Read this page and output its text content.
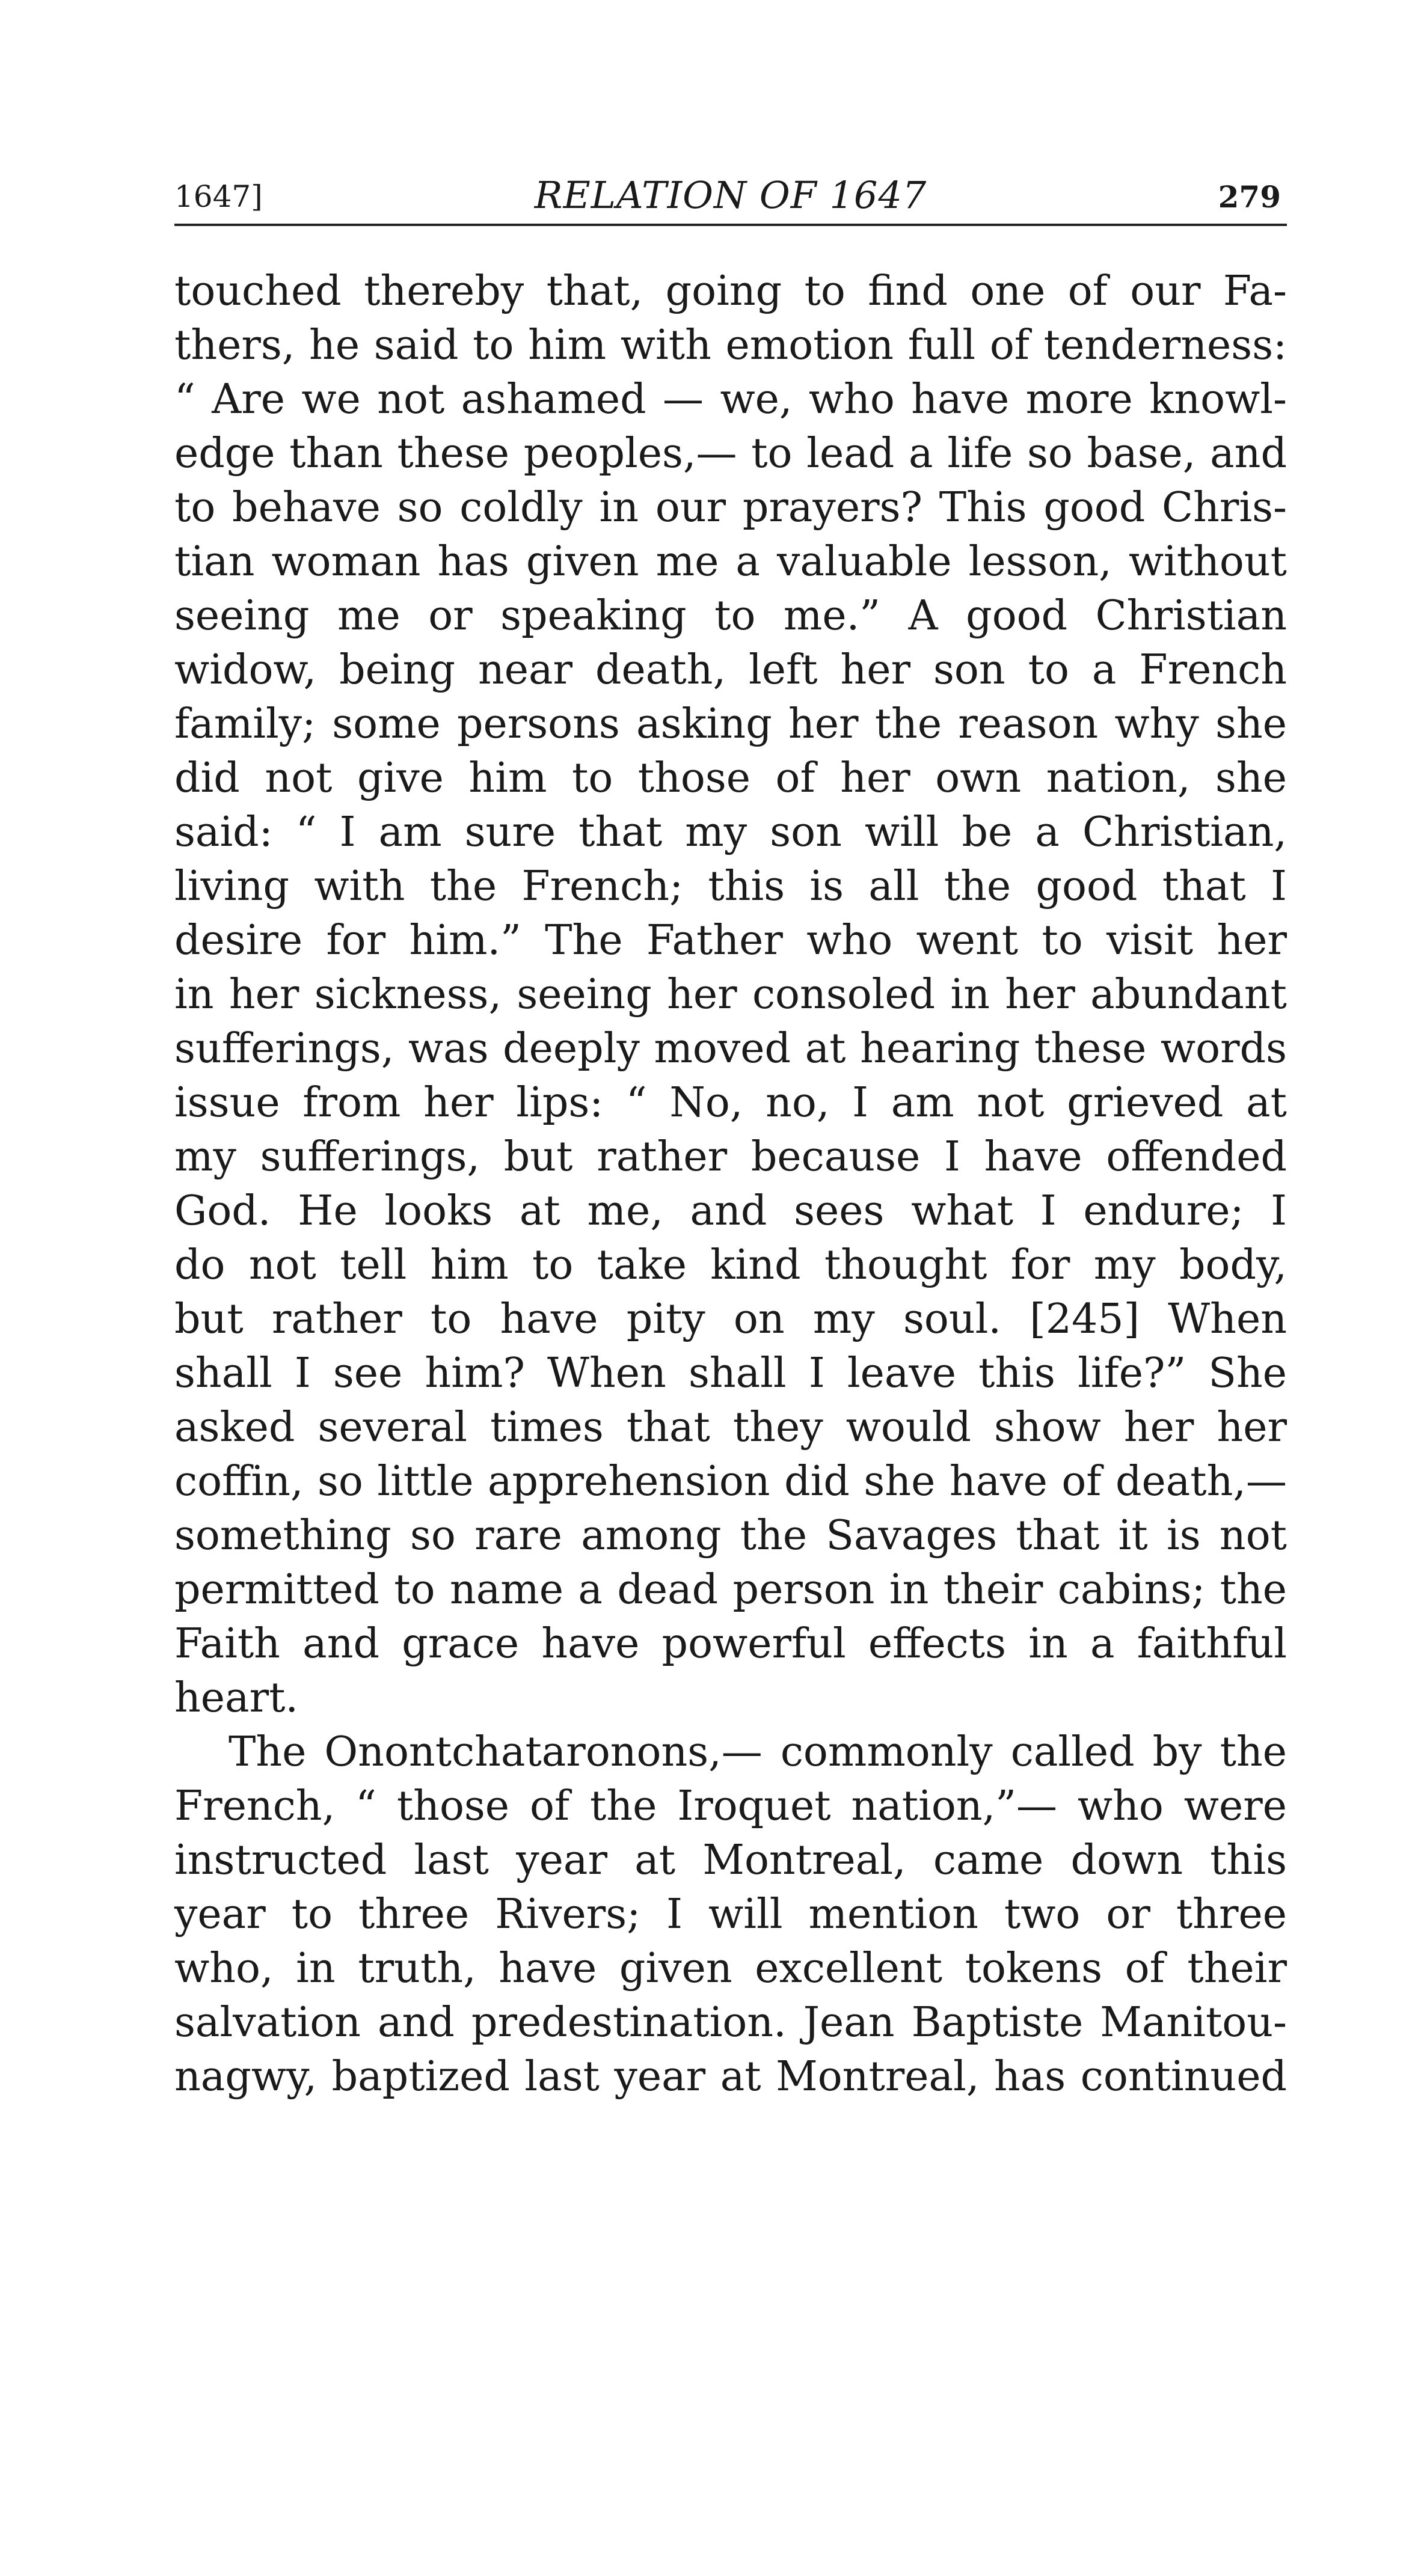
1647]	RELATION OF 1647	279
touched thereby that, going to find one of our Fa-
thers, he said to him with emotion full of tenderness:
“ Are we not ashamed — we, who have more knowl-
edge than these peoples,— to lead a life so base, and
to behave so coldly in our prayers? This good Chris-
tian woman has given me a valuable lesson, without
seeing me or speaking to me.” A good Christian
widow, being near death, left her son to a French
family; some persons asking her the reason why she
did not give him to those of her own nation, she
said: “ I am sure that my son will be a Christian,
living with the French; this is all the good that I
desire for him.” The Father who went to visit her
in her sickness, seeing her consoled in her abundant
sufferings, was deeply moved at hearing these words
issue from her lips: “ No, no, I am not grieved at
my sufferings, but rather because I have offended
God. He looks at me, and sees what I endure; I
do not tell him to take kind thought for my body,
but rather to have pity on my soul. [245] When
shall I see him? When shall I leave this life?” She
asked several times that they would show her her
coffin, so little apprehension did she have of death,—
something so rare among the Savages that it is not
permitted to name a dead person in their cabins; the
Faith and grace have powerful effects in a faithful
heart.
The Onontchataronons,— commonly called by the
French, “ those of the Iroquet nation,”— who were
instructed last year at Montreal, came down this
year to three Rivers; I will mention two or three
who, in truth, have given excellent tokens of their
salvation and predestination. Jean Baptiste Manitou-
nagwy, baptized last year at Montreal, has continued
